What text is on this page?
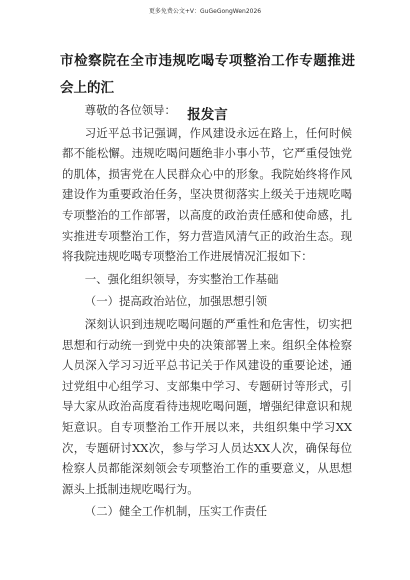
更多免费公文+V：GuGeGongWen2026
市检察院在全市违规吃喝专项整治工作专题推进会上的汇
报发言

尊敬的各位领导：

习近平总书记强调，作风建设永远在路上，任何时候都不能松懈。违规吃喝问题绝非小事小节，它严重侵蚀党的肌体，损害党在人民群众心中的形象。我院始终将作风建设作为重要政治任务，坚决贯彻落实上级关于违规吃喝专项整治的工作部署，以高度的政治责任感和使命感，扎实推进专项整治工作，努力营造风清气正的政治生态。现将我院违规吃喝专项整治工作进展情况汇报如下：

一、强化组织领导，夯实整治工作基础

（一）提高政治站位，加强思想引领

深刻认识到违规吃喝问题的严重性和危害性，切实把思想和行动统一到党中央的决策部署上来。组织全体检察人员深入学习习近平总书记关于作风建设的重要论述，通过党组中心组学习、支部集中学习、专题研讨等形式，引导大家从政治高度看待违规吃喝问题，增强纪律意识和规矩意识。自专项整治工作开展以来，共组织集中学习XX次，专题研讨XX次，参与学习人员达XX人次，确保每位检察人员都能深刻领会专项整治工作的重要意义，从思想源头上抵制违规吃喝行为。

（二）健全工作机制，压实工作责任
